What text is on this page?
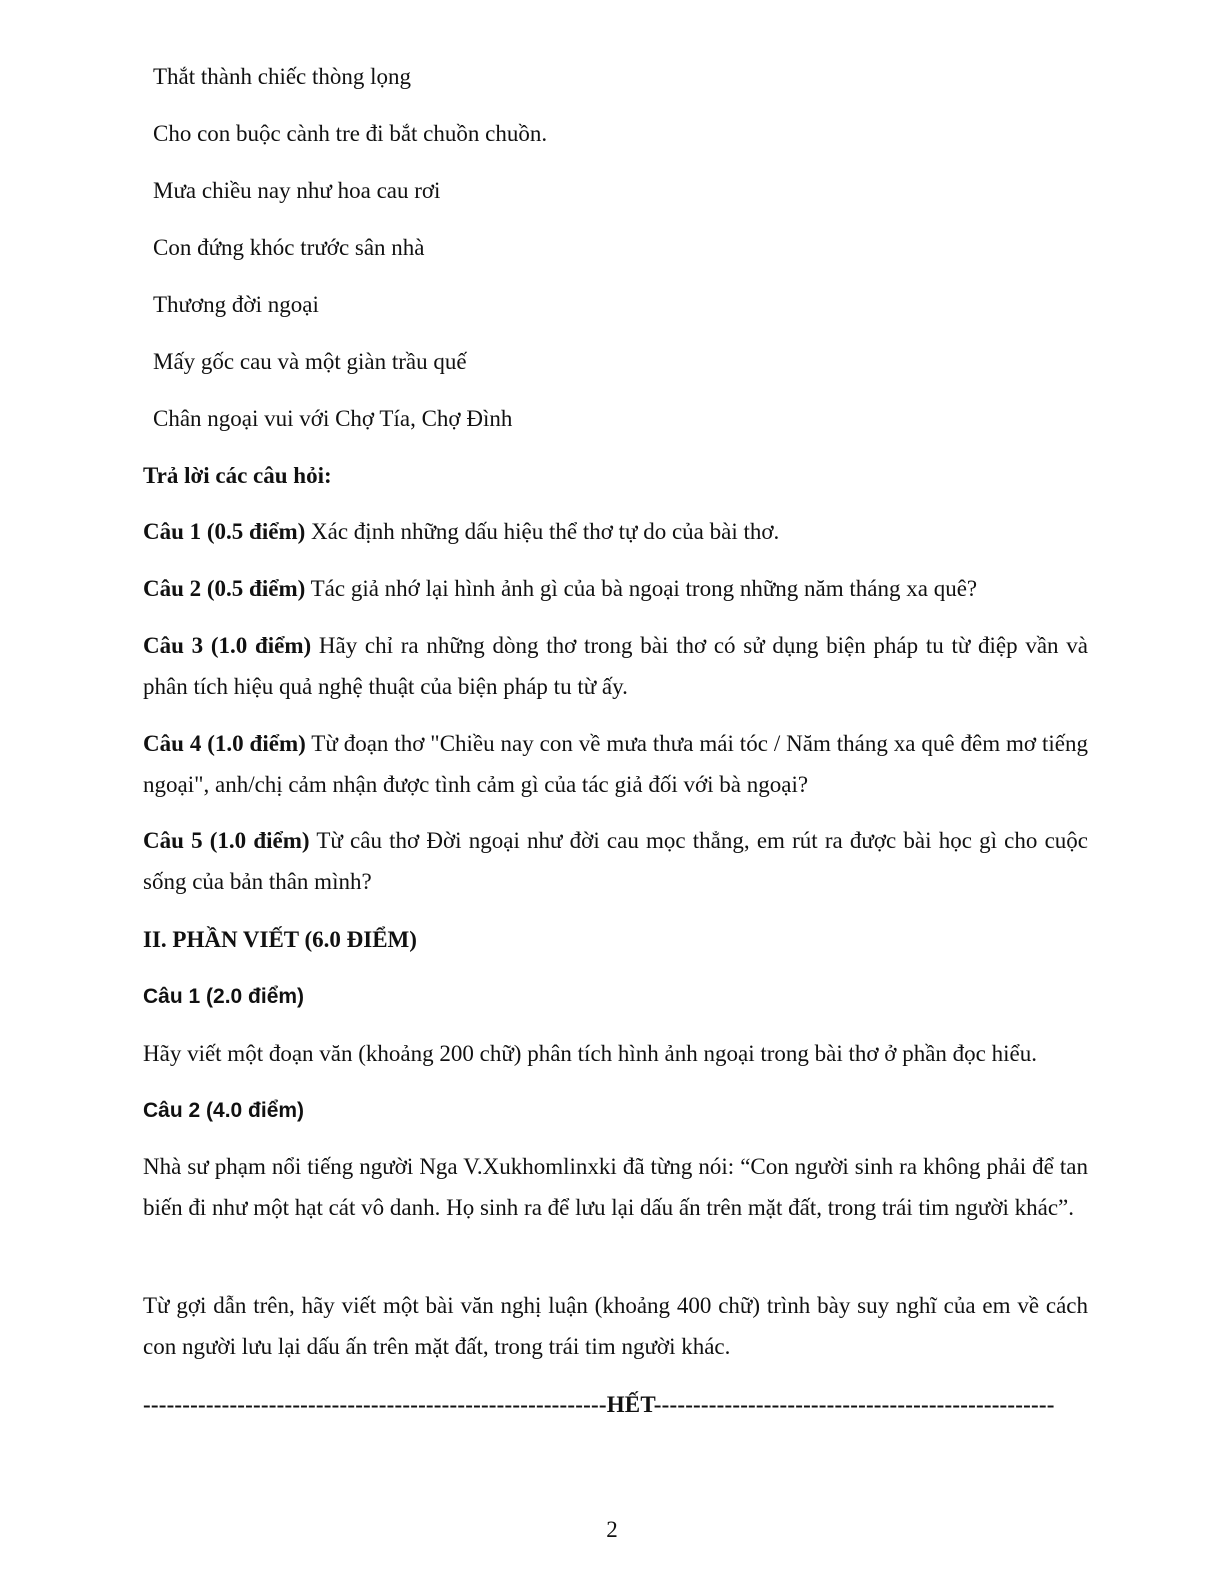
Thắt thành chiếc thòng lọng
Cho con buộc cành tre đi bắt chuồn chuồn.
Mưa chiều nay như hoa cau rơi
Con đứng khóc trước sân nhà
Thương đời ngoại
Mấy gốc cau và một giàn trầu quế
Chân ngoại vui với Chợ Tía, Chợ Đình
Trả lời các câu hỏi:
Câu 1 (0.5 điểm) Xác định những dấu hiệu thể thơ tự do của bài thơ.
Câu 2 (0.5 điểm) Tác giả nhớ lại hình ảnh gì của bà ngoại trong những năm tháng xa quê?
Câu 3 (1.0 điểm) Hãy chỉ ra những dòng thơ trong bài thơ có sử dụng biện pháp tu từ điệp vần và phân tích hiệu quả nghệ thuật của biện pháp tu từ ấy.
Câu 4 (1.0 điểm) Từ đoạn thơ "Chiều nay con về mưa thưa mái tóc / Năm tháng xa quê đêm mơ tiếng ngoại", anh/chị cảm nhận được tình cảm gì của tác giả đối với bà ngoại?
Câu 5 (1.0 điểm) Từ câu thơ Đời ngoại như đời cau mọc thẳng, em rút ra được bài học gì cho cuộc sống của bản thân mình?
II. PHẦN VIẾT (6.0 ĐIỂM)
Câu 1 (2.0 điểm)
Hãy viết một đoạn văn (khoảng 200 chữ) phân tích hình ảnh ngoại trong bài thơ ở phần đọc hiểu.
Câu 2 (4.0 điểm)
Nhà sư phạm nổi tiếng người Nga V.Xukhomlinxki đã từng nói: “Con người sinh ra không phải để tan biến đi như một hạt cát vô danh. Họ sinh ra để lưu lại dấu ấn trên mặt đất, trong trái tim người khác”.
Từ gợi dẫn trên, hãy viết một bài văn nghị luận (khoảng 400 chữ) trình bày suy nghĩ của em về cách con người lưu lại dấu ấn trên mặt đất, trong trái tim người khác.
-----------------------------------------------------------HẾT---------------------------------------------------
2
